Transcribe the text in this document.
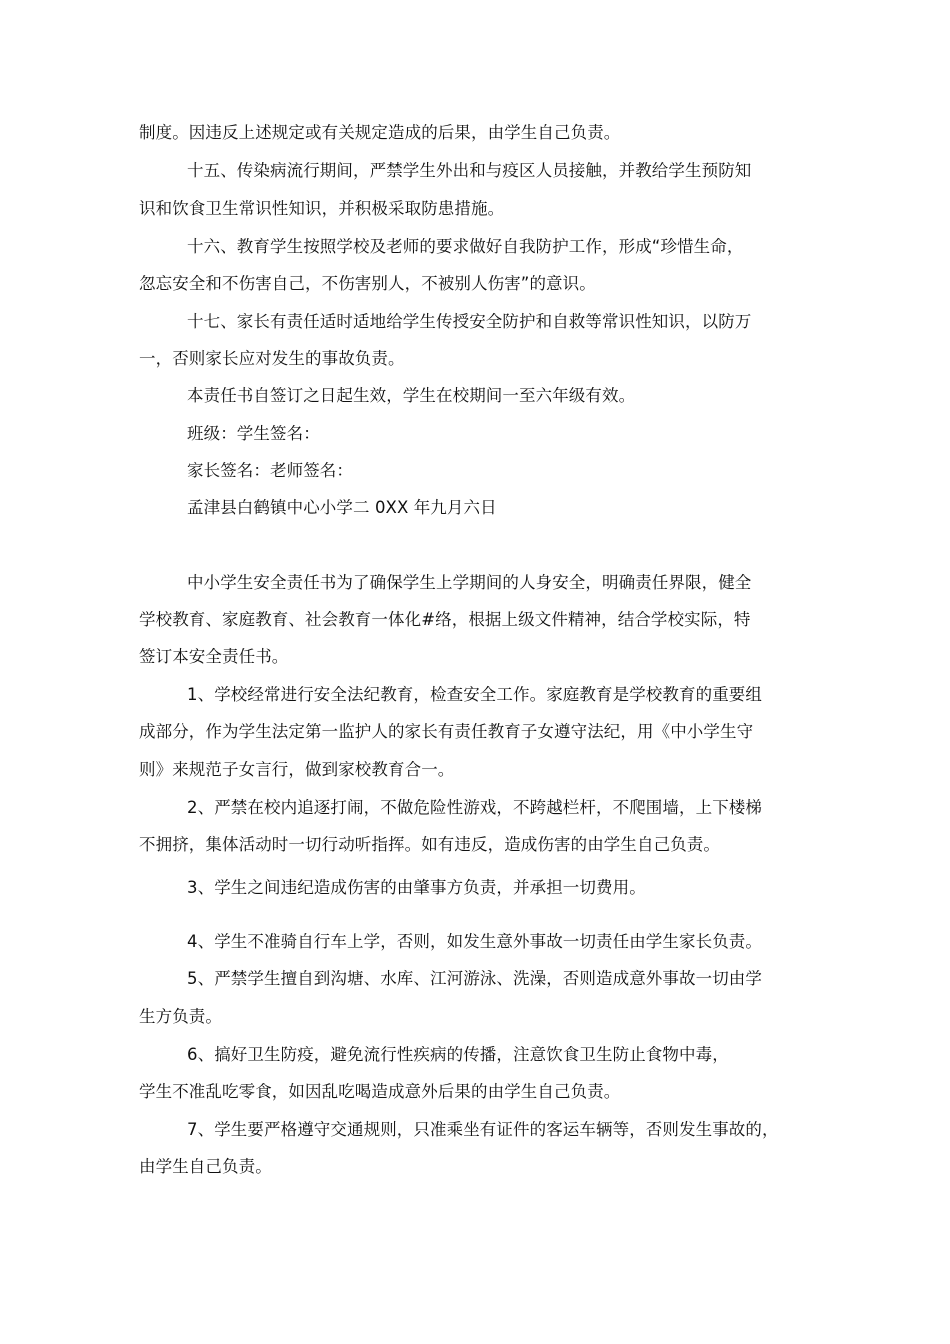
制度。因违反上述规定或有关规定造成的后果，由学生自己负责。
十五、传染病流行期间，严禁学生外出和与疫区人员接触，并教给学生预防知
识和饮食卫生常识性知识，并积极采取防患措施。
十六、教育学生按照学校及老师的要求做好自我防护工作，形成“珍惜生命，
忽忘安全和不伤害自己，不伤害别人，不被别人伤害”的意识。
十七、家长有责任适时适地给学生传授安全防护和自救等常识性知识，以防万
一，否则家长应对发生的事故负责。
本责任书自签订之日起生效，学生在校期间一至六年级有效。
班级：学生签名：
家长签名：老师签名：
孟津县白鹤镇中心小学二 0XX 年九月六日
中小学生安全责任书为了确保学生上学期间的人身安全，明确责任界限，健全
学校教育、家庭教育、社会教育一体化#络，根据上级文件精神，结合学校实际，特
签订本安全责任书。
1、学校经常进行安全法纪教育，检查安全工作。家庭教育是学校教育的重要组
成部分，作为学生法定第一监护人的家长有责任教育子女遵守法纪，用《中小学生守
则》来规范子女言行，做到家校教育合一。
2、严禁在校内追逐打闹，不做危险性游戏，不跨越栏杆，不爬围墙，上下楼梯
不拥挤，集体活动时一切行动听指挥。如有违反，造成伤害的由学生自己负责。
3、学生之间违纪造成伤害的由肇事方负责，并承担一切费用。
4、学生不准骑自行车上学，否则，如发生意外事故一切责任由学生家长负责。
5、严禁学生擅自到沟塘、水库、江河游泳、洗澡，否则造成意外事故一切由学
生方负责。
6、搞好卫生防疫，避免流行性疾病的传播，注意饮食卫生防止食物中毒，
学生不准乱吃零食，如因乱吃喝造成意外后果的由学生自己负责。
7、学生要严格遵守交通规则，只准乘坐有证件的客运车辆等，否则发生事故的，
由学生自己负责。
